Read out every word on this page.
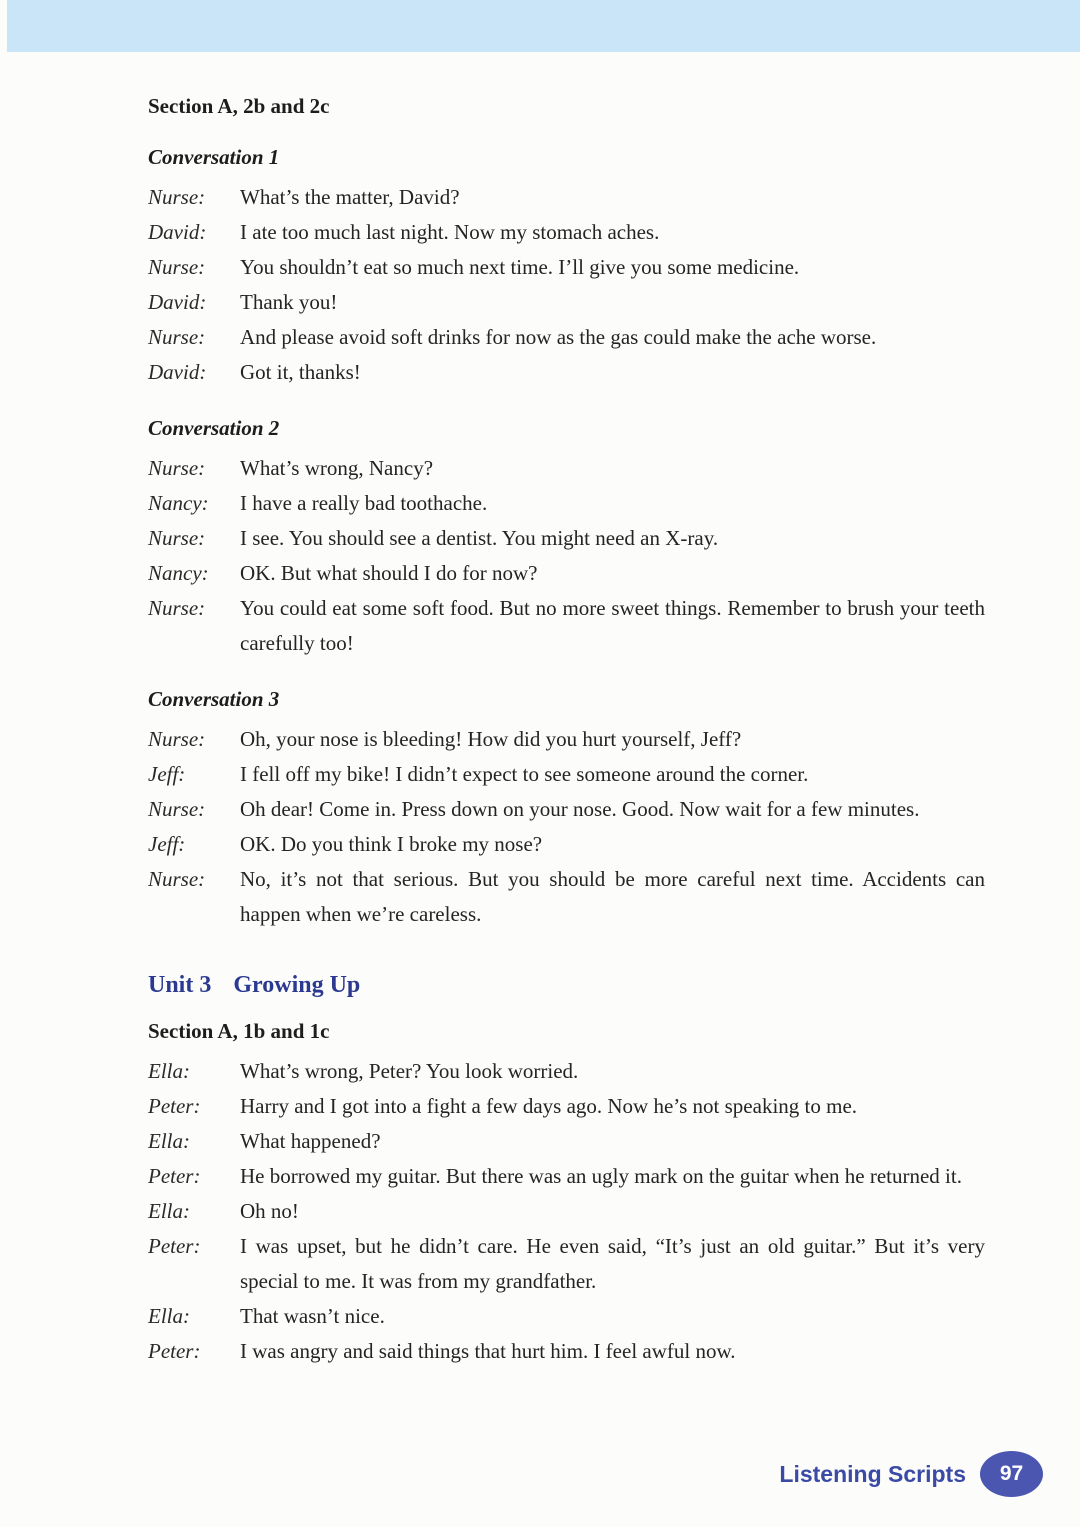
Section A, 2b and 2c
Conversation 1
Nurse:	What’s the matter, David?
David:	I ate too much last night. Now my stomach aches.
Nurse:	You shouldn’t eat so much next time. I’ll give you some medicine.
David:	Thank you!
Nurse:	And please avoid soft drinks for now as the gas could make the ache worse.
David:	Got it, thanks!
Conversation 2
Nurse:	What’s wrong, Nancy?
Nancy:	I have a really bad toothache.
Nurse:	I see. You should see a dentist. You might need an X-ray.
Nancy:	OK. But what should I do for now?
Nurse:	You could eat some soft food. But no more sweet things. Remember to brush your teeth carefully too!
Conversation 3
Nurse:	Oh, your nose is bleeding! How did you hurt yourself, Jeff?
Jeff:	I fell off my bike! I didn’t expect to see someone around the corner.
Nurse:	Oh dear! Come in. Press down on your nose. Good. Now wait for a few minutes.
Jeff:	OK. Do you think I broke my nose?
Nurse:	No, it’s not that serious. But you should be more careful next time. Accidents can happen when we’re careless.
Unit 3 Growing Up
Section A, 1b and 1c
Ella:	What’s wrong, Peter? You look worried.
Peter:	Harry and I got into a fight a few days ago. Now he’s not speaking to me.
Ella:	What happened?
Peter:	He borrowed my guitar. But there was an ugly mark on the guitar when he returned it.
Ella:	Oh no!
Peter:	I was upset, but he didn’t care. He even said, “It’s just an old guitar.” But it’s very special to me. It was from my grandfather.
Ella:	That wasn’t nice.
Peter:	I was angry and said things that hurt him. I feel awful now.
Listening Scripts	97
